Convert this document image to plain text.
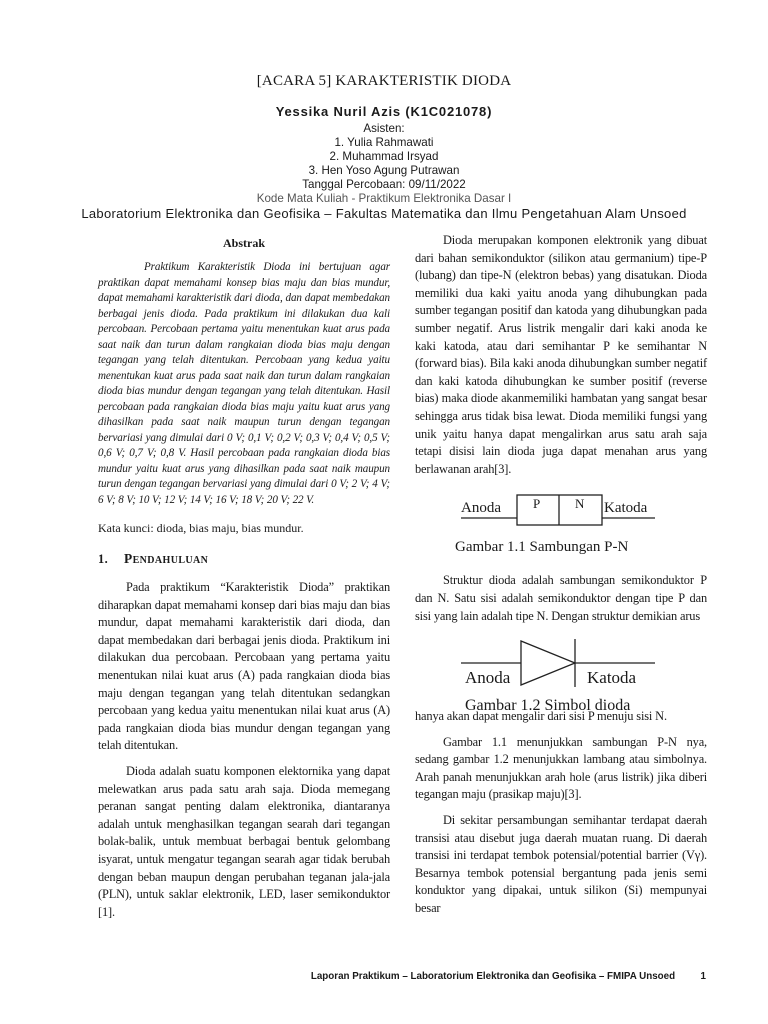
[ACARA 5] KARAKTERISTIK DIODA
Yessika Nuril Azis (K1C021078)
Asisten:
1. Yulia Rahmawati
2. Muhammad Irsyad
3. Hen Yoso Agung Putrawan
Tanggal Percobaan: 09/11/2022
Kode Mata Kuliah - Praktikum Elektronika Dasar I
Laboratorium Elektronika dan Geofisika – Fakultas Matematika dan Ilmu Pengetahuan Alam Unsoed
Abstrak

Praktikum Karakteristik Dioda ini bertujuan agar praktikan dapat memahami konsep bias maju dan bias mundur, dapat memahami karakteristik dari dioda, dan dapat membedakan berbagai jenis dioda. Pada praktikum ini dilakukan dua kali percobaan. Percobaan pertama yaitu menentukan kuat arus pada saat naik dan turun dalam rangkaian dioda bias maju dengan tegangan yang telah ditentukan. Percobaan yang kedua yaitu menentukan kuat arus pada saat naik dan turun dalam rangkaian dioda bias mundur dengan tegangan yang telah ditentukan. Hasil percobaan pada rangkaian dioda bias maju yaitu kuat arus yang dihasilkan pada saat naik maupun turun dengan tegangan bervariasi yang dimulai dari 0 V; 0,1 V; 0,2 V; 0,3 V; 0,4 V; 0,5 V; 0,6 V; 0,7 V; 0,8 V. Hasil percobaan pada rangkaian dioda bias mundur yaitu kuat arus yang dihasilkan pada saat naik maupun turun dengan tegangan bervariasi yang dimulai dari 0 V; 2 V; 4 V; 6 V; 8 V; 10 V; 12 V; 14 V; 16 V; 18 V; 20 V; 22 V.

Kata kunci: dioda, bias maju, bias mundur.

1. PENDAHULUAN

Pada praktikum “Karakteristik Dioda” praktikan diharapkan dapat memahami konsep dari bias maju dan bias mundur, dapat memahami karakteristik dari dioda, dan dapat membedakan dari berbagai jenis dioda. Praktikum ini dilakukan dua percobaan. Percobaan yang pertama yaitu menentukan nilai kuat arus (A) pada rangkaian dioda bias maju dengan tegangan yang telah ditentukan sedangkan percobaan yang kedua yaitu menentukan nilai kuat arus (A) pada rangkaian dioda bias mundur dengan tegangan yang telah ditentukan.

Dioda adalah suatu komponen elektornika yang dapat melewatkan arus pada satu arah saja. Dioda memegang peranan sangat penting dalam elektronika, diantaranya adalah untuk menghasilkan tegangan searah dari tegangan bolak-balik, untuk membuat berbagai bentuk gelombang isyarat, untuk mengatur tegangan searah agar tidak berubah dengan beban maupun dengan perubahan teganan jala-jala (PLN), untuk saklar elektronik, LED, laser semikonduktor [1].

Dioda merupakan komponen elektronik yang dibuat dari bahan semikonduktor (silikon atau germanium) tipe-P (lubang) dan tipe-N (elektron bebas) yang disatukan. Dioda memiliki dua kaki yaitu anoda yang dihubungkan pada sumber tegangan positif dan katoda yang dihubungkan pada sumber negatif. Arus listrik mengalir dari kaki anoda ke kaki katoda, atau dari semihantar P ke semihantar N (forward bias). Bila kaki anoda dihubungkan sumber negatif dan kaki katoda dihubungkan ke sumber positif (reverse bias) maka diode akanmemiliki hambatan yang sangat besar sehingga arus tidak bisa lewat. Dioda memiliki fungsi yang unik yaitu hanya dapat mengalirkan arus satu arah saja tetapi disisi lain dioda juga dapat menahan arus yang berlawanan arah[3].

Anoda P	N Katoda
Gambar 1.1 Sambungan P-N

Struktur dioda adalah sambungan semikonduktor P dan N. Satu sisi adalah semikonduktor dengan tipe P dan sisi yang lain adalah tipe N. Dengan struktur demikian arus

Anoda	Katoda
Gambar 1.2 Simbol dioda

hanya akan dapat mengalir dari sisi P menuju sisi N.

Gambar 1.1 menunjukkan sambungan P-N nya, sedang gambar 1.2 menunjukkan lambang atau simbolnya. Arah panah menunjukkan arah hole (arus listrik) jika diberi tegangan maju (prasikap maju)[3].

Di sekitar persambungan semihantar terdapat daerah transisi atau disebut juga daerah muatan ruang. Di daerah transisi ini terdapat tembok potensial/potential barrier (Vγ). Besarnya tembok potensial bergantung pada jenis semi konduktor yang dipakai, untuk silikon (Si) mempunyai besar

Laporan Praktikum – Laboratorium Elektronika dan Geofisika – FMIPA Unsoed	1
